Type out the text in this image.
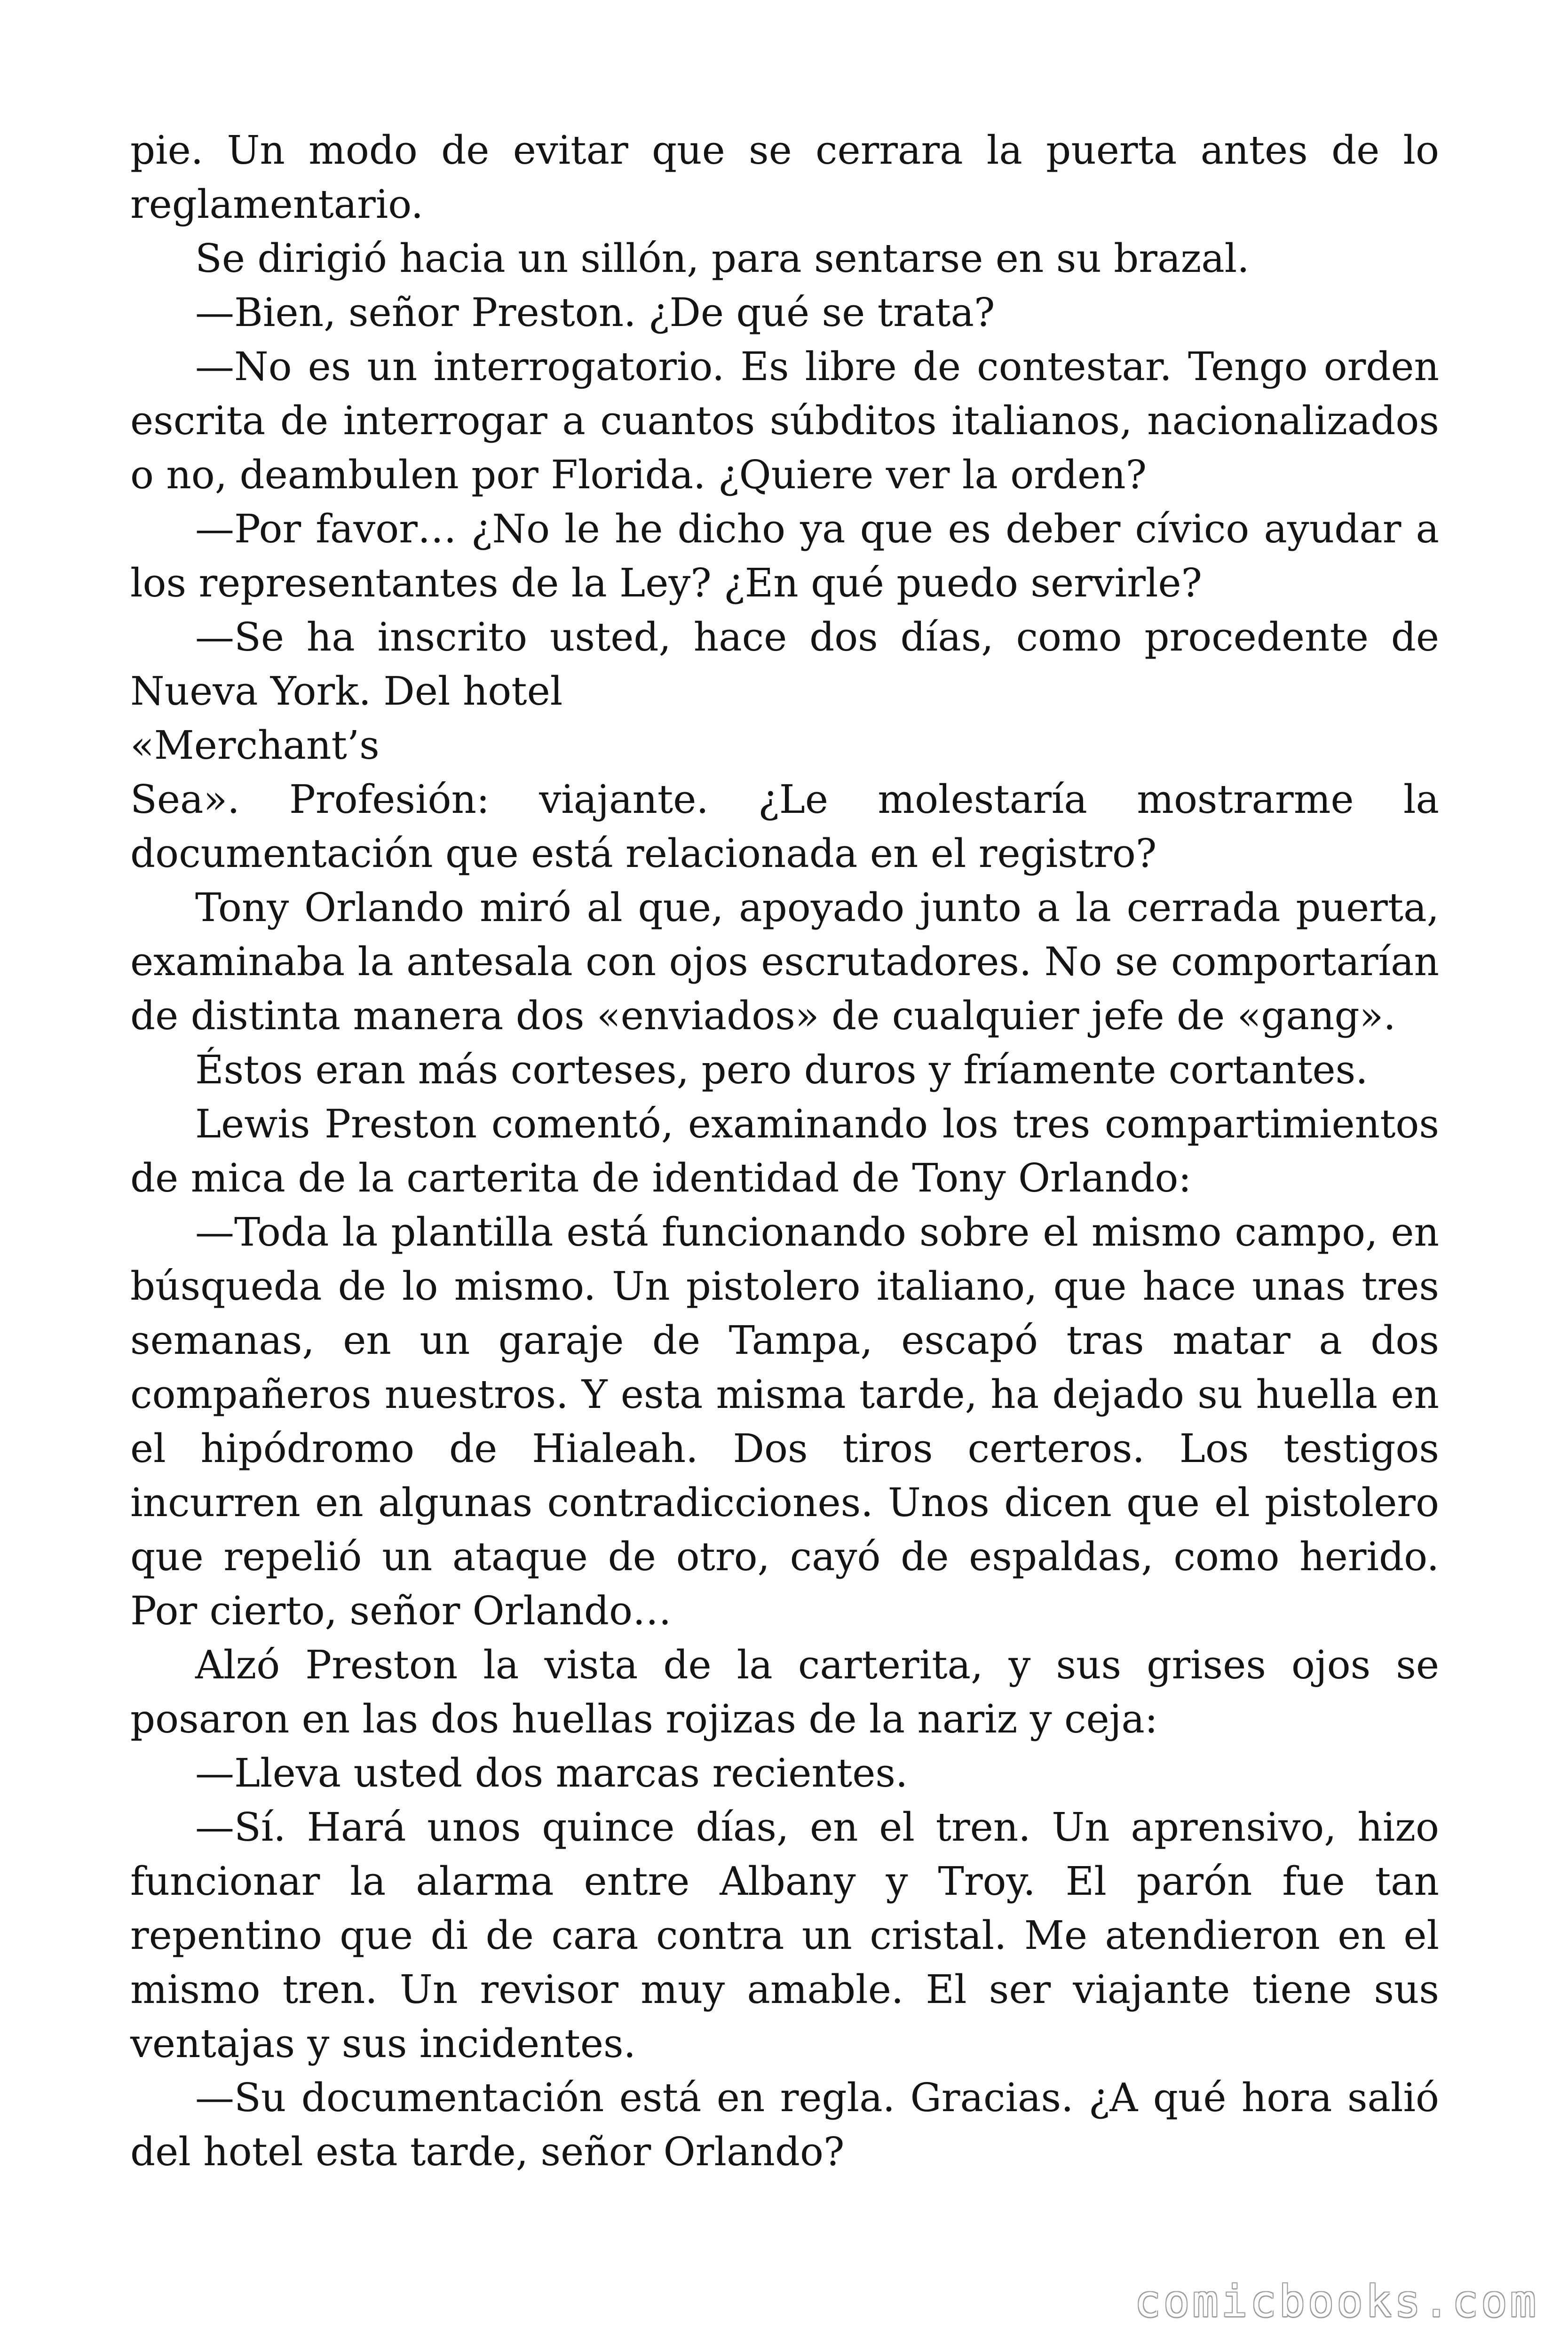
pie. Un modo de evitar que se cerrara la puerta antes de lo reglamentario.

Se dirigió hacia un sillón, para sentarse en su brazal.

—Bien, señor Preston. ¿De qué se trata?

—No es un interrogatorio. Es libre de contestar. Tengo orden escrita de interrogar a cuantos súbditos italianos, nacionalizados o no, deambulen por Florida. ¿Quiere ver la orden?

—Por favor… ¿No le he dicho ya que es deber cívico ayudar a los representantes de la Ley? ¿En qué puedo servirle?

—Se ha inscrito usted, hace dos días, como procedente de Nueva York. Del hotel

«Merchant’s

Sea». Profesión: viajante. ¿Le molestaría mostrarme la documentación que está relacionada en el registro?

Tony Orlando miró al que, apoyado junto a la cerrada puerta, examinaba la antesala con ojos escrutadores. No se comportarían de distinta manera dos «enviados» de cualquier jefe de «gang».

Éstos eran más corteses, pero duros y fríamente cortantes.

Lewis Preston comentó, examinando los tres compartimientos de mica de la carterita de identidad de Tony Orlando:

—Toda la plantilla está funcionando sobre el mismo campo, en búsqueda de lo mismo. Un pistolero italiano, que hace unas tres semanas, en un garaje de Tampa, escapó tras matar a dos compañeros nuestros. Y esta misma tarde, ha dejado su huella en el hipódromo de Hialeah. Dos tiros certeros. Los testigos incurren en algunas contradicciones. Unos dicen que el pistolero que repelió un ataque de otro, cayó de espaldas, como herido. Por cierto, señor Orlando…

Alzó Preston la vista de la carterita, y sus grises ojos se posaron en las dos huellas rojizas de la nariz y ceja:

—Lleva usted dos marcas recientes.

—Sí. Hará unos quince días, en el tren. Un aprensivo, hizo funcionar la alarma entre Albany y Troy. El parón fue tan repentino que di de cara contra un cristal. Me atendieron en el mismo tren. Un revisor muy amable. El ser viajante tiene sus ventajas y sus incidentes.

—Su documentación está en regla. Gracias. ¿A qué hora salió del hotel esta tarde, señor Orlando?

comicbooks.com
